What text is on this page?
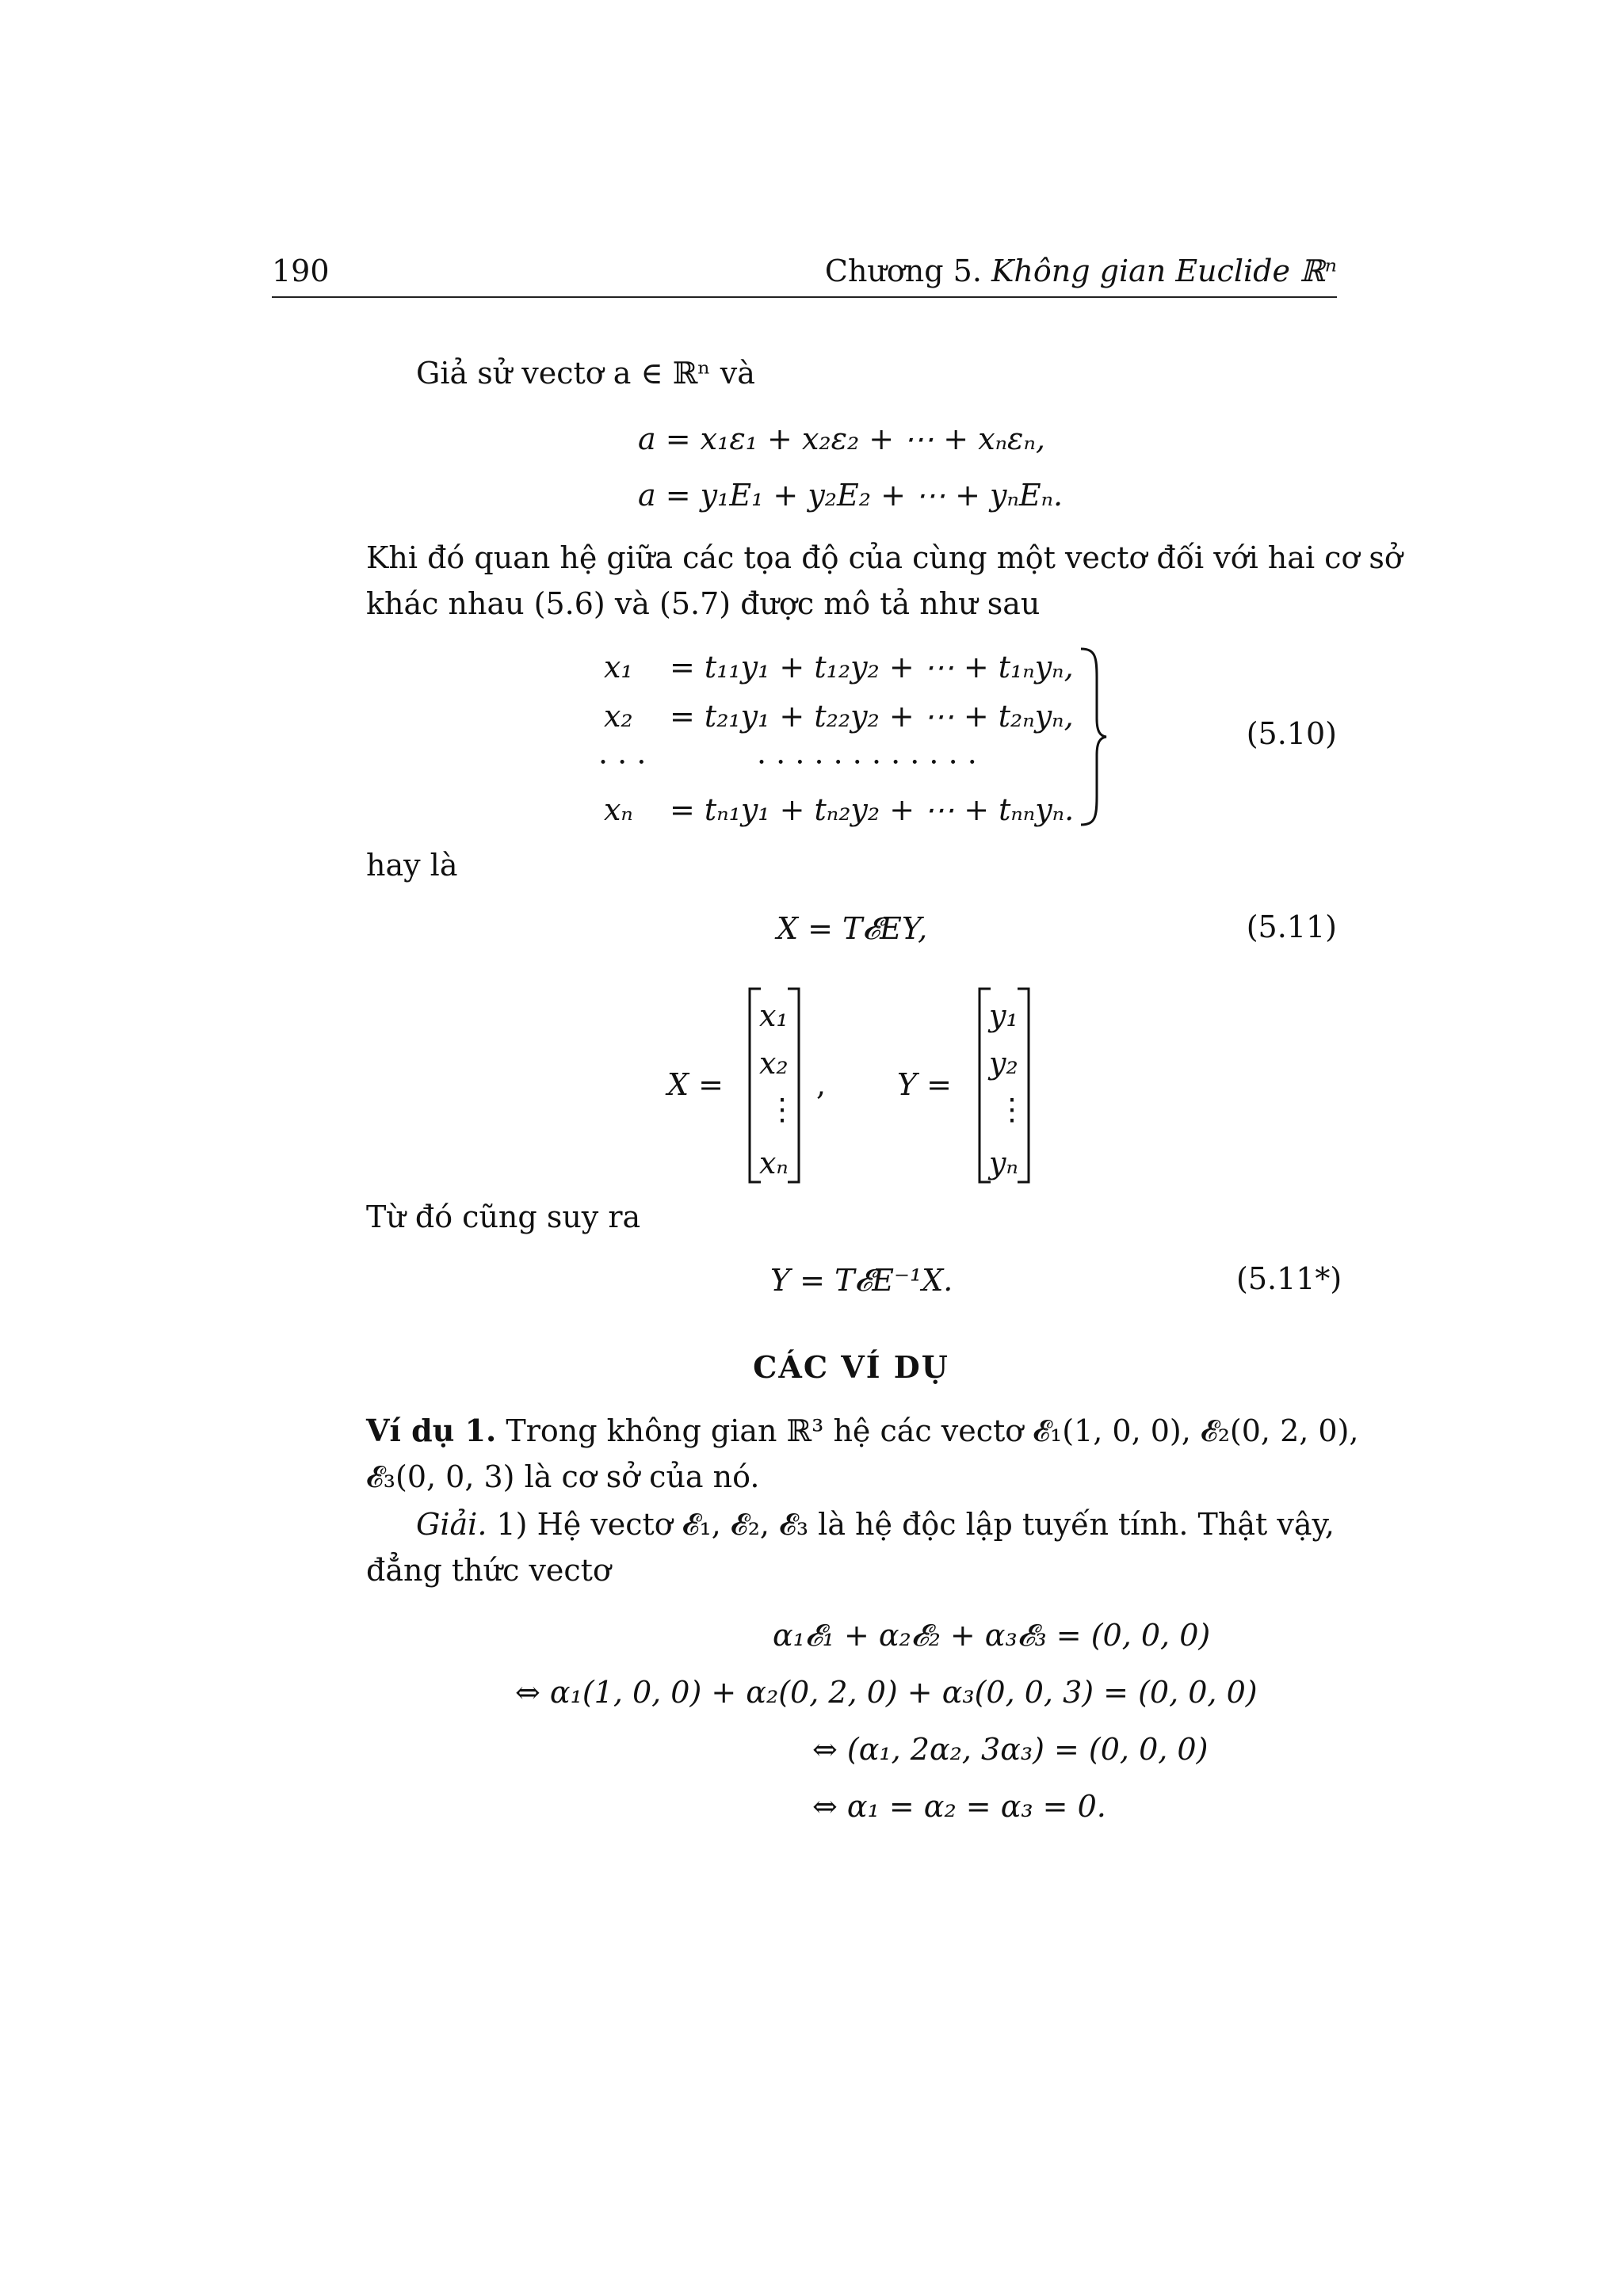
190	Chương 5. Không gian Euclide ℝⁿ
Giả sử vectơ a ∈ ℝⁿ và
a = x₁ε₁ + x₂ε₂ + ⋯ + xₙεₙ,
a = y₁E₁ + y₂E₂ + ⋯ + yₙEₙ.
Khi đó quan hệ giữa các tọa độ của cùng một vectơ đối với hai cơ sở
khác nhau (5.6) và (5.7) được mô tả như sau
x₁
x₂
· · ·
xₙ
= t₁₁y₁ + t₁₂y₂ + ⋯ + t₁ₙyₙ,
= t₂₁y₁ + t₂₂y₂ + ⋯ + t₂ₙyₙ,
· · · · · · · · · · · ·
= tₙ₁y₁ + tₙ₂y₂ + ⋯ + tₙₙyₙ.
(5.10)
hay là
X = T𝓔EY,	(5.11)
X =
x₁
x₂
⋮
xₙ
, Y =
y₁
y₂
⋮
yₙ
Từ đó cũng suy ra
Y = T𝓔E⁻¹X.	(5.11*)
CÁC VÍ DỤ
Ví dụ 1. Trong không gian ℝ³ hệ các vectơ 𝓔₁(1, 0, 0), 𝓔₂(0, 2, 0),
𝓔₃(0, 0, 3) là cơ sở của nó.
Giải. 1) Hệ vectơ 𝓔₁, 𝓔₂, 𝓔₃ là hệ độc lập tuyến tính. Thật vậy,
đẳng thức vectơ
α₁𝓔₁ + α₂𝓔₂ + α₃𝓔₃ = (0, 0, 0)
⇔ α₁(1, 0, 0) + α₂(0, 2, 0) + α₃(0, 0, 3) = (0, 0, 0)
⇔ (α₁, 2α₂, 3α₃) = (0, 0, 0)
⇔ α₁ = α₂ = α₃ = 0.
